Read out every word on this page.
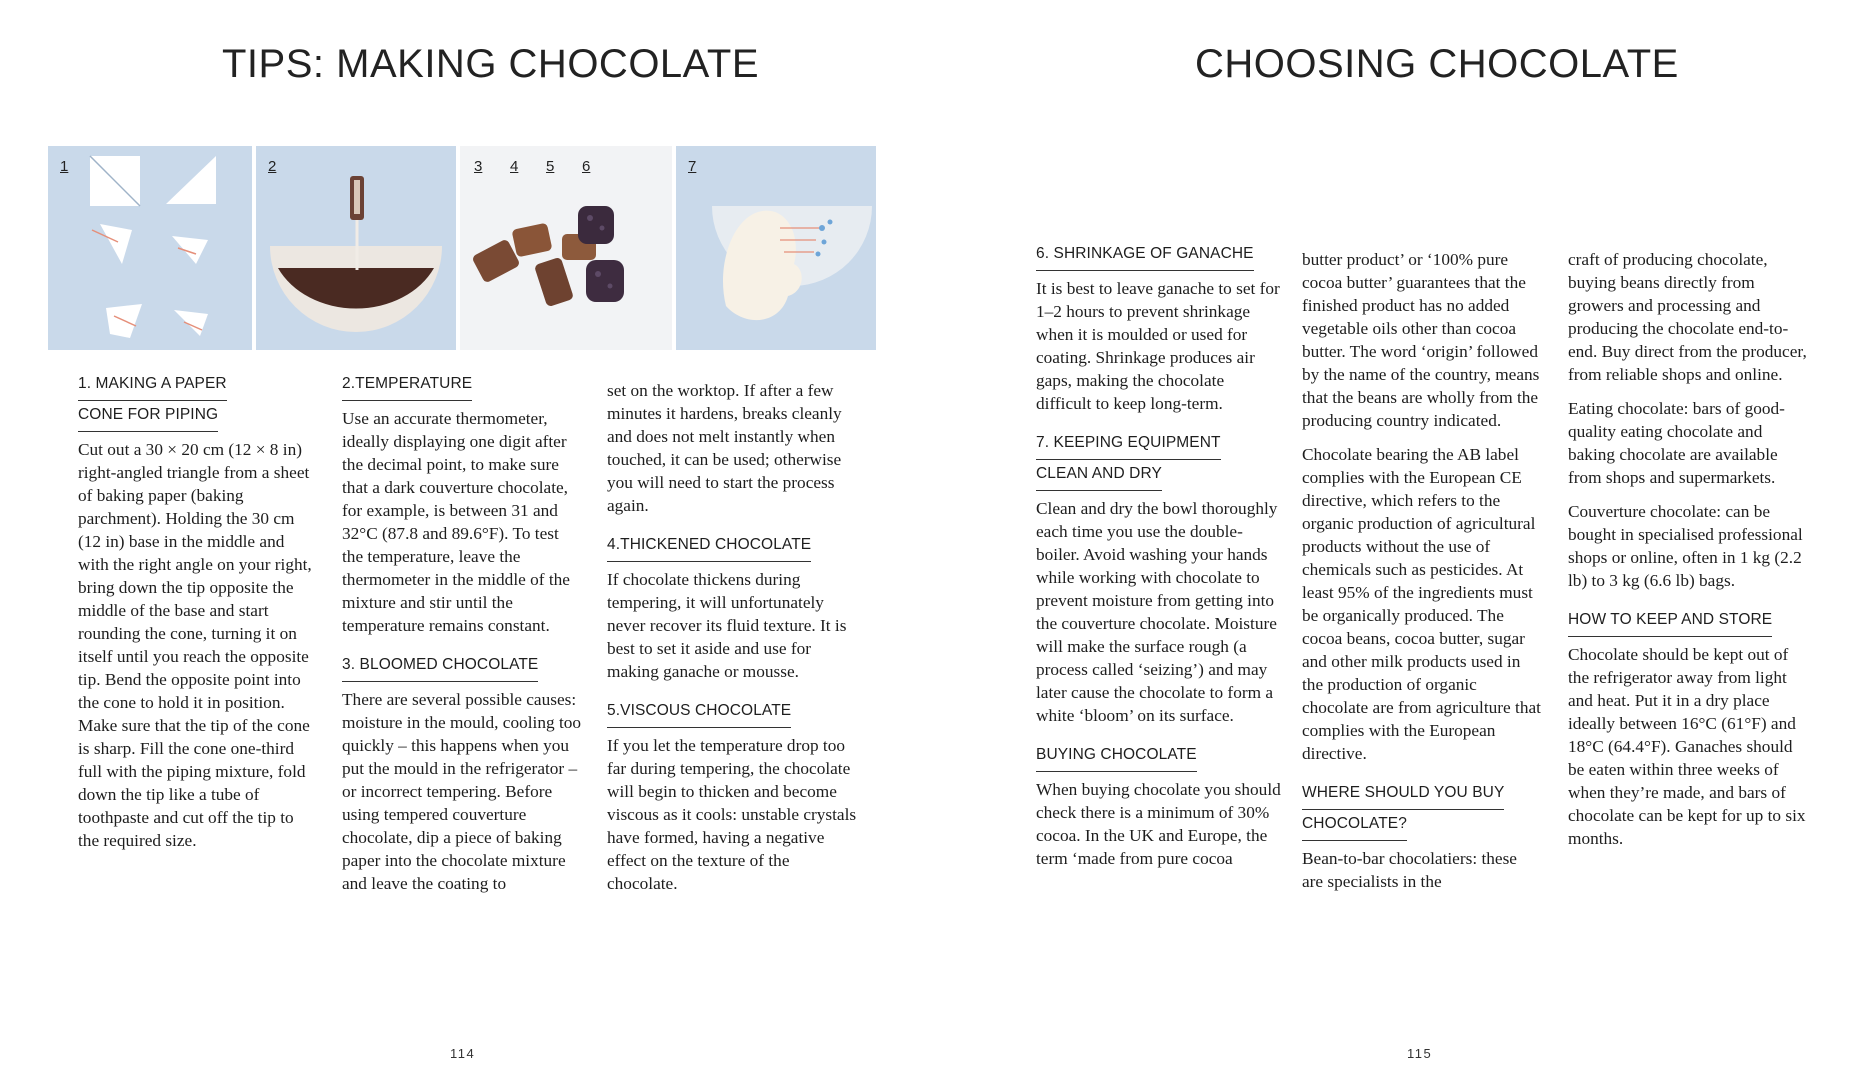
TIPS: MAKING CHOCOLATE
1	2	3 4 5 6	7
1. MAKING A PAPER
CONE FOR PIPING

Cut out a 30 × 20 cm (12 × 8 in) right-angled triangle from a sheet of baking paper (baking parchment). Holding the 30 cm (12 in) base in the middle and with the right angle on your right, bring down the tip opposite the middle of the base and start rounding the cone, turning it on itself until you reach the opposite tip. Bend the opposite point into the cone to hold it in position. Make sure that the tip of the cone is sharp. Fill the cone one-third full with the piping mixture, fold down the tip like a tube of toothpaste and cut off the tip to the required size.

2.TEMPERATURE

Use an accurate thermometer, ideally displaying one digit after the decimal point, to make sure that a dark couverture chocolate, for example, is between 31 and 32°C (87.8 and 89.6°F). To test the temperature, leave the thermometer in the middle of the mixture and stir until the temperature remains constant.

3. BLOOMED CHOCOLATE

There are several possible causes: moisture in the mould, cooling too quickly – this happens when you put the mould in the refrigerator – or incorrect tempering. Before using tempered couverture chocolate, dip a piece of baking paper into the chocolate mixture and leave the coating to

set on the worktop. If after a few minutes it hardens, breaks cleanly and does not melt instantly when touched, it can be used; otherwise you will need to start the process again.

4.THICKENED CHOCOLATE

If chocolate thickens during tempering, it will unfortunately never recover its fluid texture. It is best to set it aside and use for making ganache or mousse.

5.VISCOUS CHOCOLATE

If you let the temperature drop too far during tempering, the chocolate will begin to thicken and become viscous as it cools: unstable crystals have formed, having a negative effect on the texture of the chocolate.

114
CHOOSING CHOCOLATE
6. SHRINKAGE OF GANACHE

It is best to leave ganache to set for 1–2 hours to prevent shrinkage when it is moulded or used for coating. Shrinkage produces air gaps, making the chocolate difficult to keep long-term.

7. KEEPING EQUIPMENT
CLEAN AND DRY

Clean and dry the bowl thoroughly each time you use the double-boiler. Avoid washing your hands while working with chocolate to prevent moisture from getting into the couverture chocolate. Moisture will make the surface rough (a process called ‘seizing’) and may later cause the chocolate to form a white ‘bloom’ on its surface.

BUYING CHOCOLATE

When buying chocolate you should check there is a minimum of 30% cocoa. In the UK and Europe, the term ‘made from pure cocoa

butter product’ or ‘100% pure cocoa butter’ guarantees that the finished product has no added vegetable oils other than cocoa butter. The word ‘origin’ followed by the name of the country, means that the beans are wholly from the producing country indicated.

Chocolate bearing the AB label complies with the European CE directive, which refers to the organic production of agricultural products without the use of chemicals such as pesticides. At least 95% of the ingredients must be organically produced. The cocoa beans, cocoa butter, sugar and other milk products used in the production of organic chocolate are from agriculture that complies with the European directive.

WHERE SHOULD YOU BUY
CHOCOLATE?

Bean-to-bar chocolatiers: these are specialists in the

craft of producing chocolate, buying beans directly from growers and processing and producing the chocolate end-to-end. Buy direct from the producer, from reliable shops and online.

Eating chocolate: bars of good-quality eating chocolate and baking chocolate are available from shops and supermarkets.

Couverture chocolate: can be bought in specialised professional shops or online, often in 1 kg (2.2 lb) to 3 kg (6.6 lb) bags.

HOW TO KEEP AND STORE

Chocolate should be kept out of the refrigerator away from light and heat. Put it in a dry place ideally between 16°C (61°F) and 18°C (64.4°F). Ganaches should be eaten within three weeks of when they’re made, and bars of chocolate can be kept for up to six months.

115
